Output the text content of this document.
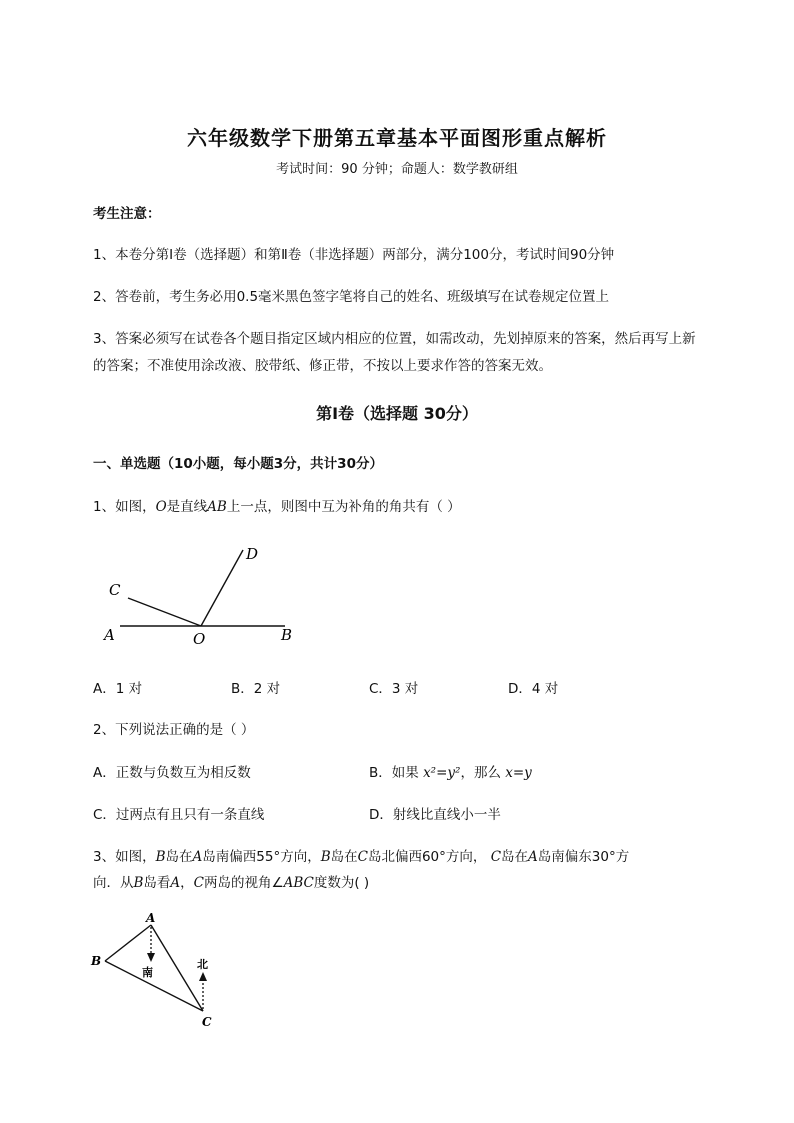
六年级数学下册第五章基本平面图形重点解析
考试时间：90 分钟；命题人：数学教研组
考生注意：
1、本卷分第Ⅰ卷（选择题）和第Ⅱ卷（非选择题）两部分，满分100分，考试时间90分钟
2、答卷前，考生务必用0.5毫米黑色签字笔将自己的姓名、班级填写在试卷规定位置上
3、答案必须写在试卷各个题目指定区域内相应的位置，如需改动，先划掉原来的答案，然后再写上新
的答案；不准使用涂改液、胶带纸、修正带，不按以上要求作答的答案无效。
第Ⅰ卷（选择题 30分）
一、单选题（10小题，每小题3分，共计30分）
1、如图，O是直线AB上一点，则图中互为补角的角共有（ ）
A	B
C
D
O
A．1 对	B．2 对	C．3 对	D．4 对
2、下列说法正确的是（ ）
A．正数与负数互为相反数	B．如果 x²=y²，那么 x=y
C．过两点有且只有一条直线	D．射线比直线小一半
3、如图，B岛在A岛南偏西55°方向，B岛在C岛北偏西60°方向， C岛在A岛南偏东30°方
向．从B岛看A，C两岛的视角∠ABC度数为( )
A
B
C
南
北
